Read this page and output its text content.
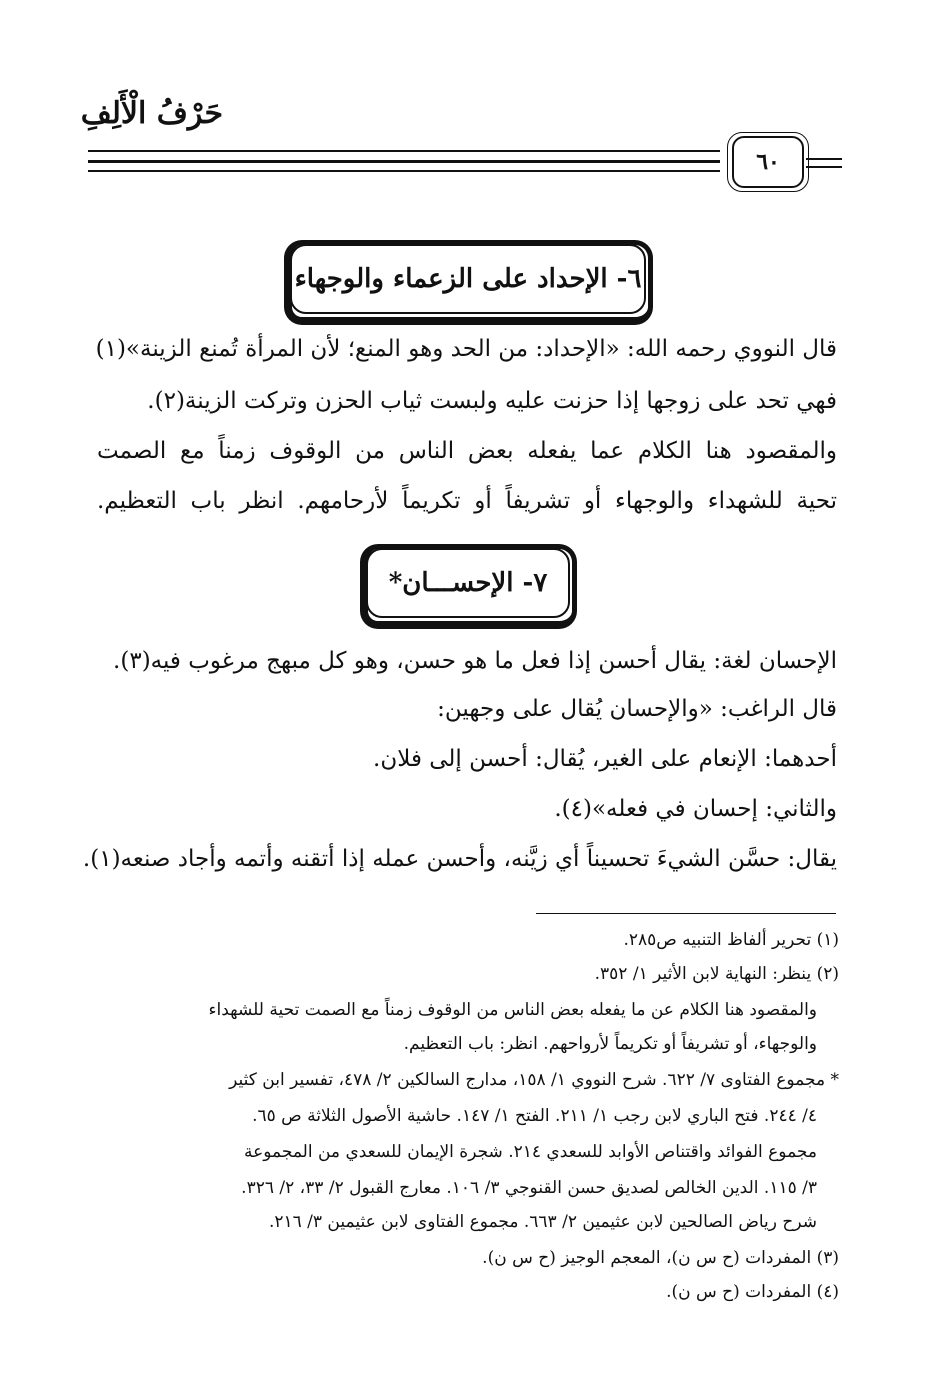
حَرْفُ الْأَلِفِ
٦٠
٦- الإحداد على الزعماء والوجهاء
قال النووي رحمه الله: «الإحداد: من الحد وهو المنع؛ لأن المرأة تُمنع الزينة»(١)
فهي تحد على زوجها إذا حزنت عليه ولبست ثياب الحزن وتركت الزينة(٢).
والمقصود هنا الكلام عما يفعله بعض الناس من الوقوف زمناً مع الصمت
تحية للشهداء والوجهاء أو تشريفاً أو تكريماً لأرحامهم. انظر باب التعظيم.
٧- الإحســـان*
الإحسان لغة: يقال أحسن إذا فعل ما هو حسن، وهو كل مبهج مرغوب فيه(٣).
قال الراغب: «والإحسان يُقال على وجهين:
أحدهما: الإنعام على الغير، يُقال: أحسن إلى فلان.
والثاني: إحسان في فعله»(٤).
يقال: حسَّن الشيءَ تحسيناً أي زيَّنه، وأحسن عمله إذا أتقنه وأتمه وأجاد صنعه(١).
(١) تحرير ألفاظ التنبيه ص٢٨٥.
(٢) ينظر: النهاية لابن الأثير ١/ ٣٥٢.
والمقصود هنا الكلام عن ما يفعله بعض الناس من الوقوف زمناً مع الصمت تحية للشهداء
والوجهاء، أو تشريفاً أو تكريماً لأرواحهم. انظر: باب التعظيم.
* مجموع الفتاوى ٧/ ٦٢٢. شرح النووي ١/ ١٥٨، مدارج السالكين ٢/ ٤٧٨، تفسير ابن كثير
٤/ ٢٤٤. فتح الباري لابن رجب ١/ ٢١١. الفتح ١/ ١٤٧. حاشية الأصول الثلاثة ص ٦٥.
مجموع الفوائد واقتناص الأوابد للسعدي ٢١٤. شجرة الإيمان للسعدي من المجموعة
٣/ ١١٥. الدين الخالص لصديق حسن القنوجي ٣/ ١٠٦. معارج القبول ٢/ ٣٣، ٢/ ٣٢٦.
شرح رياض الصالحين لابن عثيمين ٢/ ٦٦٣. مجموع الفتاوى لابن عثيمين ٣/ ٢١٦.
(٣) المفردات (ح س ن)، المعجم الوجيز (ح س ن).
(٤) المفردات (ح س ن).
